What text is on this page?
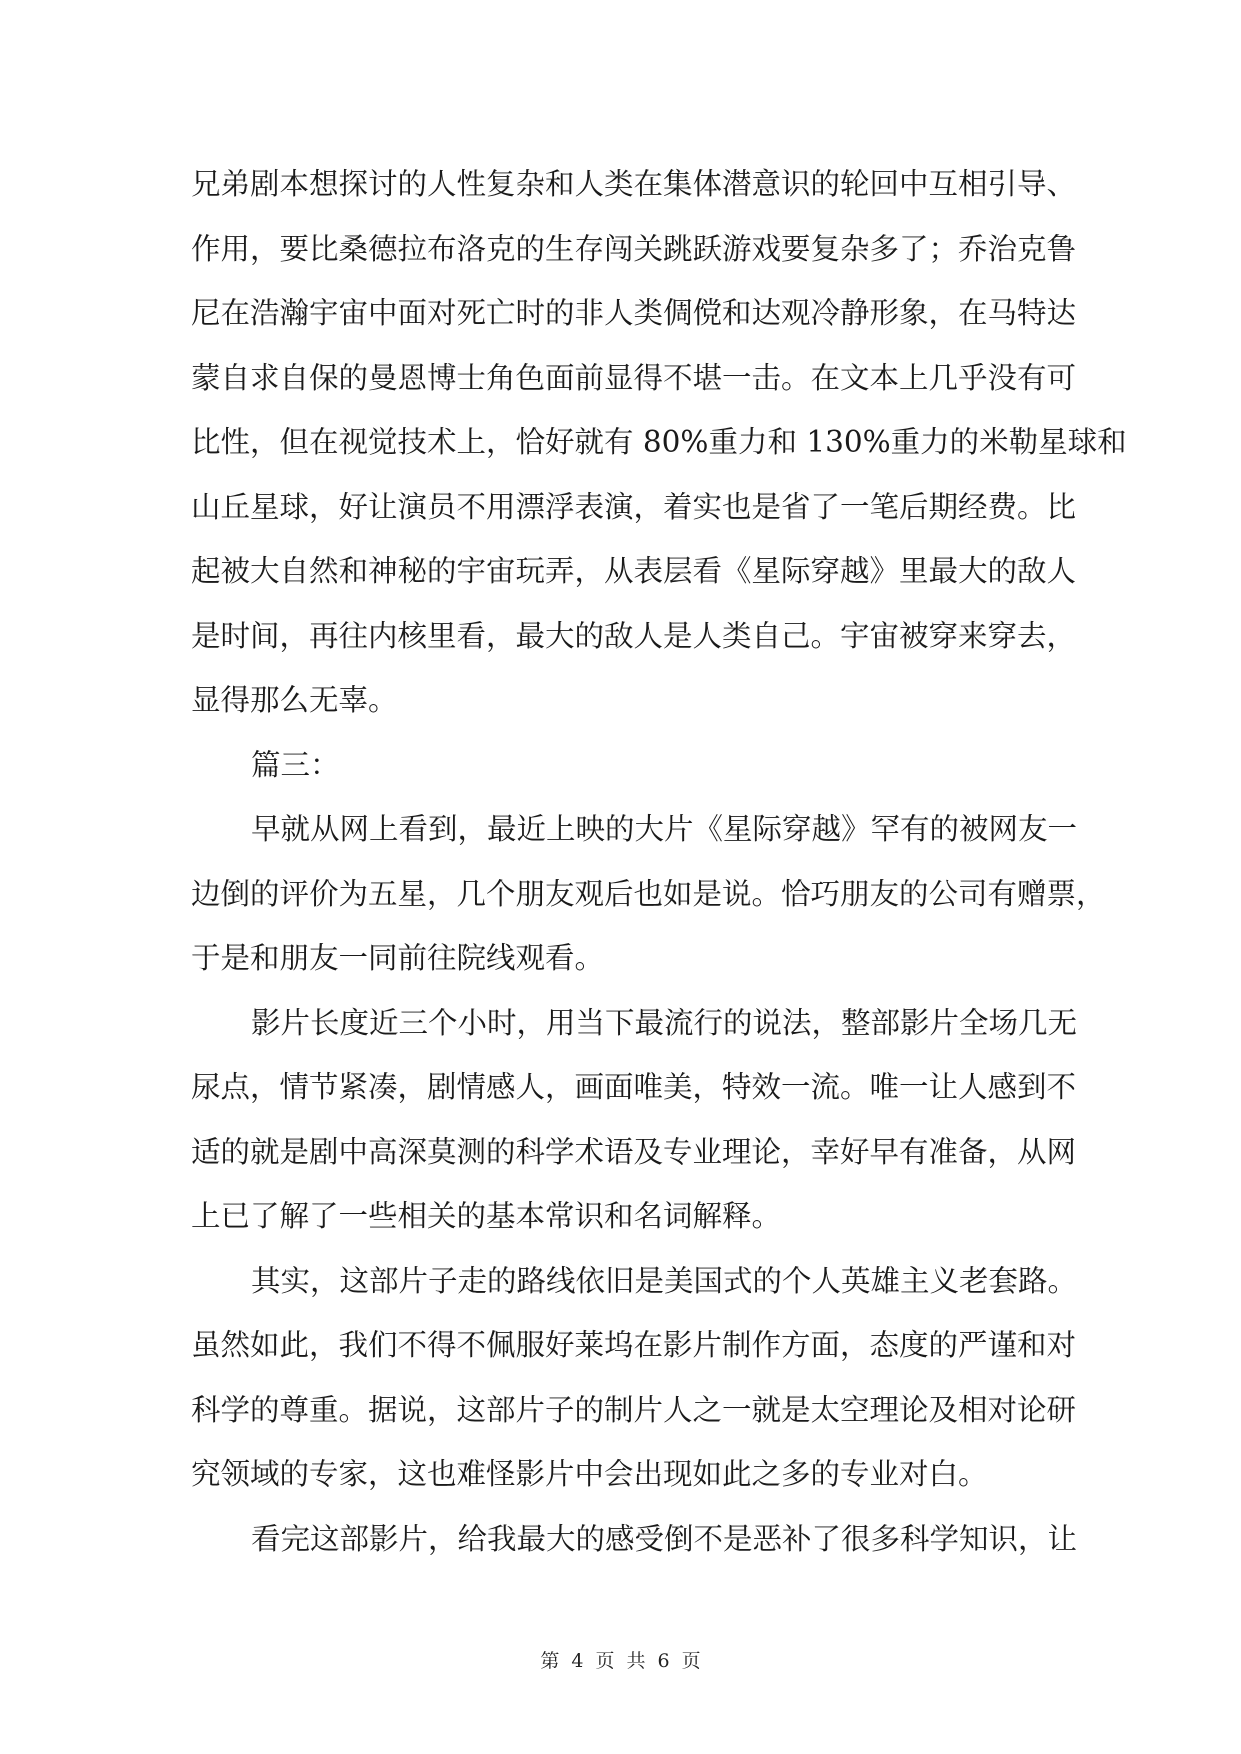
兄弟剧本想探讨的人性复杂和人类在集体潜意识的轮回中互相引导、
作用，要比桑德拉布洛克的生存闯关跳跃游戏要复杂多了；乔治克鲁
尼在浩瀚宇宙中面对死亡时的非人类倜傥和达观冷静形象，在马特达
蒙自求自保的曼恩博士角色面前显得不堪一击。在文本上几乎没有可
比性，但在视觉技术上，恰好就有 80%重力和 130%重力的米勒星球和
山丘星球，好让演员不用漂浮表演，着实也是省了一笔后期经费。比
起被大自然和神秘的宇宙玩弄，从表层看《星际穿越》里最大的敌人
是时间，再往内核里看，最大的敌人是人类自己。宇宙被穿来穿去，
显得那么无辜。
篇三：
早就从网上看到，最近上映的大片《星际穿越》罕有的被网友一
边倒的评价为五星，几个朋友观后也如是说。恰巧朋友的公司有赠票，
于是和朋友一同前往院线观看。
影片长度近三个小时，用当下最流行的说法，整部影片全场几无
尿点，情节紧凑，剧情感人，画面唯美，特效一流。唯一让人感到不
适的就是剧中高深莫测的科学术语及专业理论，幸好早有准备，从网
上已了解了一些相关的基本常识和名词解释。
其实，这部片子走的路线依旧是美国式的个人英雄主义老套路。
虽然如此，我们不得不佩服好莱坞在影片制作方面，态度的严谨和对
科学的尊重。据说，这部片子的制片人之一就是太空理论及相对论研
究领域的专家，这也难怪影片中会出现如此之多的专业对白。
看完这部影片，给我最大的感受倒不是恶补了很多科学知识，让
第 4 页 共 6 页
